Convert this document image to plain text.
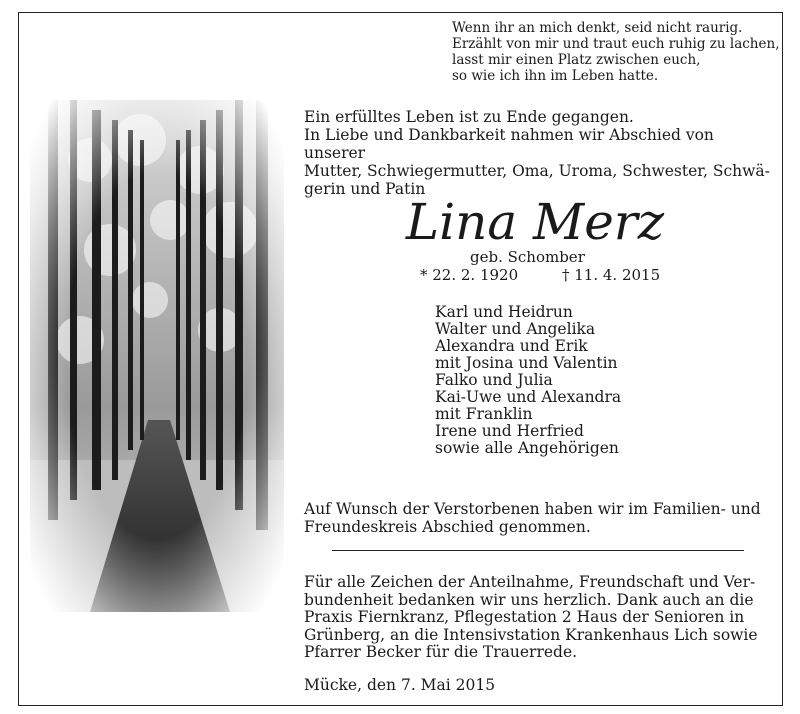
Wenn ihr an mich denkt, seid nicht raurig.
Erzählt von mir und traut euch ruhig zu lachen,
lasst mir einen Platz zwischen euch,
so wie ich ihn im Leben hatte.
Ein erfülltes Leben ist zu Ende gegangen.
In Liebe und Dankbarkeit nahmen wir Abschied von unserer
Mutter, Schwiegermutter, Oma, Uroma, Schwester, Schwä-
gerin und Patin
Lina Merz
geb. Schomber
* 22. 2. 1920	† 11. 4. 2015
Karl und Heidrun
Walter und Angelika
Alexandra und Erik
mit Josina und Valentin
Falko und Julia
Kai-Uwe und Alexandra
mit Franklin
Irene und Herfried
sowie alle Angehörigen
Auf Wunsch der Verstorbenen haben wir im Familien- und
Freundeskreis Abschied genommen.
Für alle Zeichen der Anteilnahme, Freundschaft und Ver-
bundenheit bedanken wir uns herzlich. Dank auch an die
Praxis Fiernkranz, Pflegestation 2 Haus der Senioren in
Grünberg, an die Intensivstation Krankenhaus Lich sowie
Pfarrer Becker für die Trauerrede.
Mücke, den 7. Mai 2015
